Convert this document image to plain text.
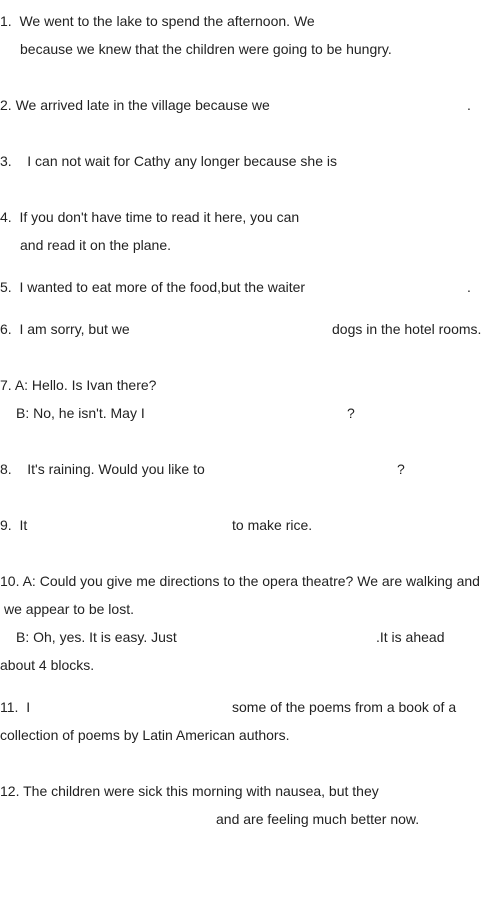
1. We went to the lake to spend the afternoon. We
because we knew that the children were going to be hungry.
2. We arrived late in the village because we	.
3. I can not wait for Cathy any longer because she is
4. If you don't have time to read it here, you can
and read it on the plane.
5. I wanted to eat more of the food,but the waiter	.
6. I am sorry, but we	dogs in the hotel rooms.
7. A: Hello. Is Ivan there?
B: No, he isn't. May I	?
8. It's raining. Would you like to	?
9. It	to make rice.
10. A: Could you give me directions to the opera theatre? We are walking and
we appear to be lost.
B: Oh, yes. It is easy. Just	.It is ahead
about 4 blocks.
11. I	some of the poems from a book of a
collection of poems by Latin American authors.
12. The children were sick this morning with nausea, but they
and are feeling much better now.
